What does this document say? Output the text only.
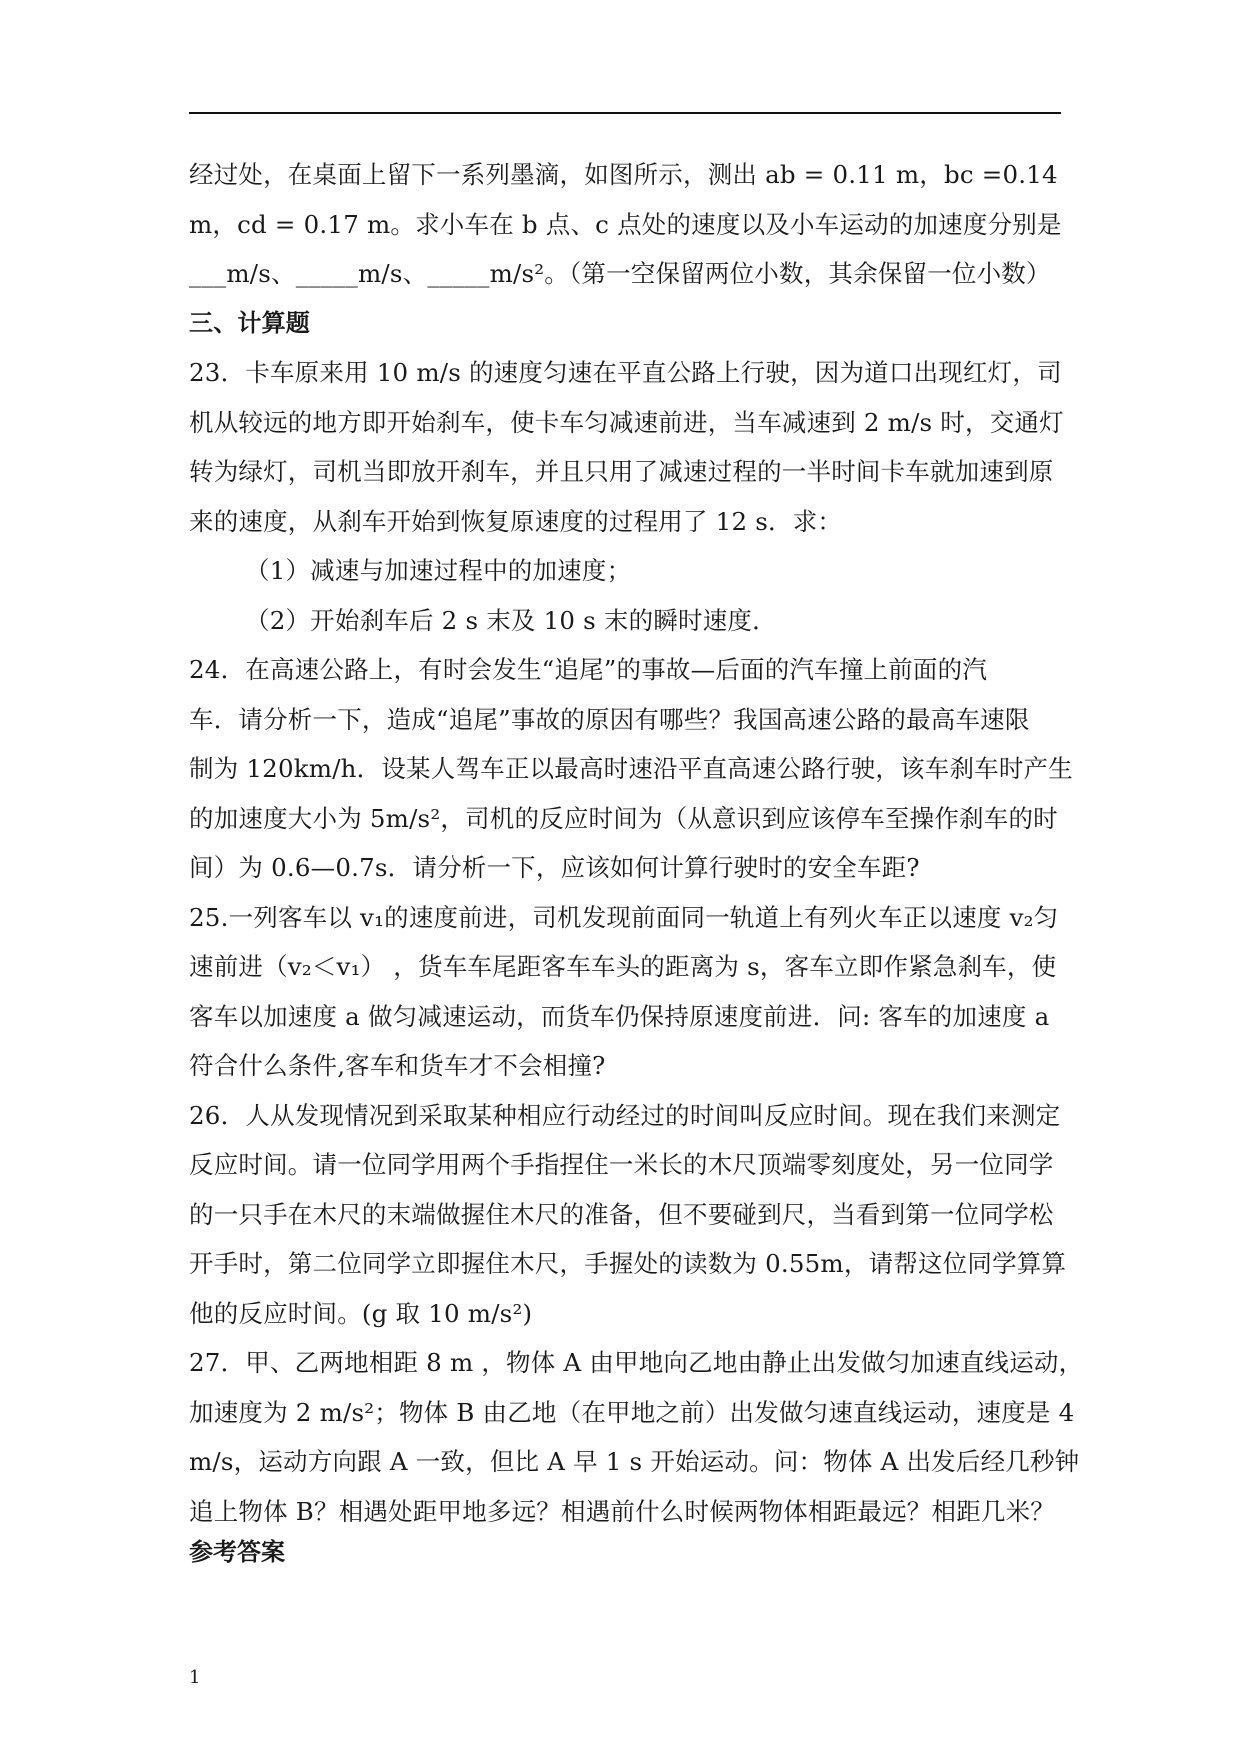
经过处，在桌面上留下一系列墨滴，如图所示，测出 ab = 0.11 m，bc =0.14
m，cd = 0.17 m。求小车在 b 点、c 点处的速度以及小车运动的加速度分别是
___m/s、_____m/s、_____m/s²。（第一空保留两位小数，其余保留一位小数）
三、计算题
23．卡车原来用 10 m/s 的速度匀速在平直公路上行驶，因为道口出现红灯，司
机从较远的地方即开始刹车，使卡车匀减速前进，当车减速到 2 m/s 时，交通灯
转为绿灯，司机当即放开刹车，并且只用了减速过程的一半时间卡车就加速到原
来的速度，从刹车开始到恢复原速度的过程用了 12 s．求：
（1）减速与加速过程中的加速度；
（2）开始刹车后 2 s 末及 10 s 末的瞬时速度．
24．在高速公路上，有时会发生“追尾”的事故—后面的汽车撞上前面的汽
车．请分析一下，造成“追尾”事故的原因有哪些？我国高速公路的最高车速限
制为 120km/h．设某人驾车正以最高时速沿平直高速公路行驶，该车刹车时产生
的加速度大小为 5m/s²，司机的反应时间为（从意识到应该停车至操作刹车的时
间）为 0.6—0.7s．请分析一下，应该如何计算行驶时的安全车距?
25.一列客车以 v₁的速度前进，司机发现前面同一轨道上有列火车正以速度 v₂匀
速前进（v₂＜v₁） ，货车车尾距客车车头的距离为 s，客车立即作紧急刹车，使
客车以加速度 a 做匀减速运动，而货车仍保持原速度前进．问: 客车的加速度 a
符合什么条件,客车和货车才不会相撞?
26．人从发现情况到采取某种相应行动经过的时间叫反应时间。现在我们来测定
反应时间。请一位同学用两个手指捏住一米长的木尺顶端零刻度处，另一位同学
的一只手在木尺的末端做握住木尺的准备，但不要碰到尺，当看到第一位同学松
开手时，第二位同学立即握住木尺，手握处的读数为 0.55m，请帮这位同学算算
他的反应时间。(g 取 10 m/s²)
27．甲、乙两地相距 8 m ，物体 A 由甲地向乙地由静止出发做匀加速直线运动，
加速度为 2 m/s²；物体 B 由乙地（在甲地之前）出发做匀速直线运动，速度是 4
m/s，运动方向跟 A 一致，但比 A 早 1 s 开始运动。问：物体 A 出发后经几秒钟
追上物体 B？相遇处距甲地多远？相遇前什么时候两物体相距最远？相距几米？
参考答案
1
